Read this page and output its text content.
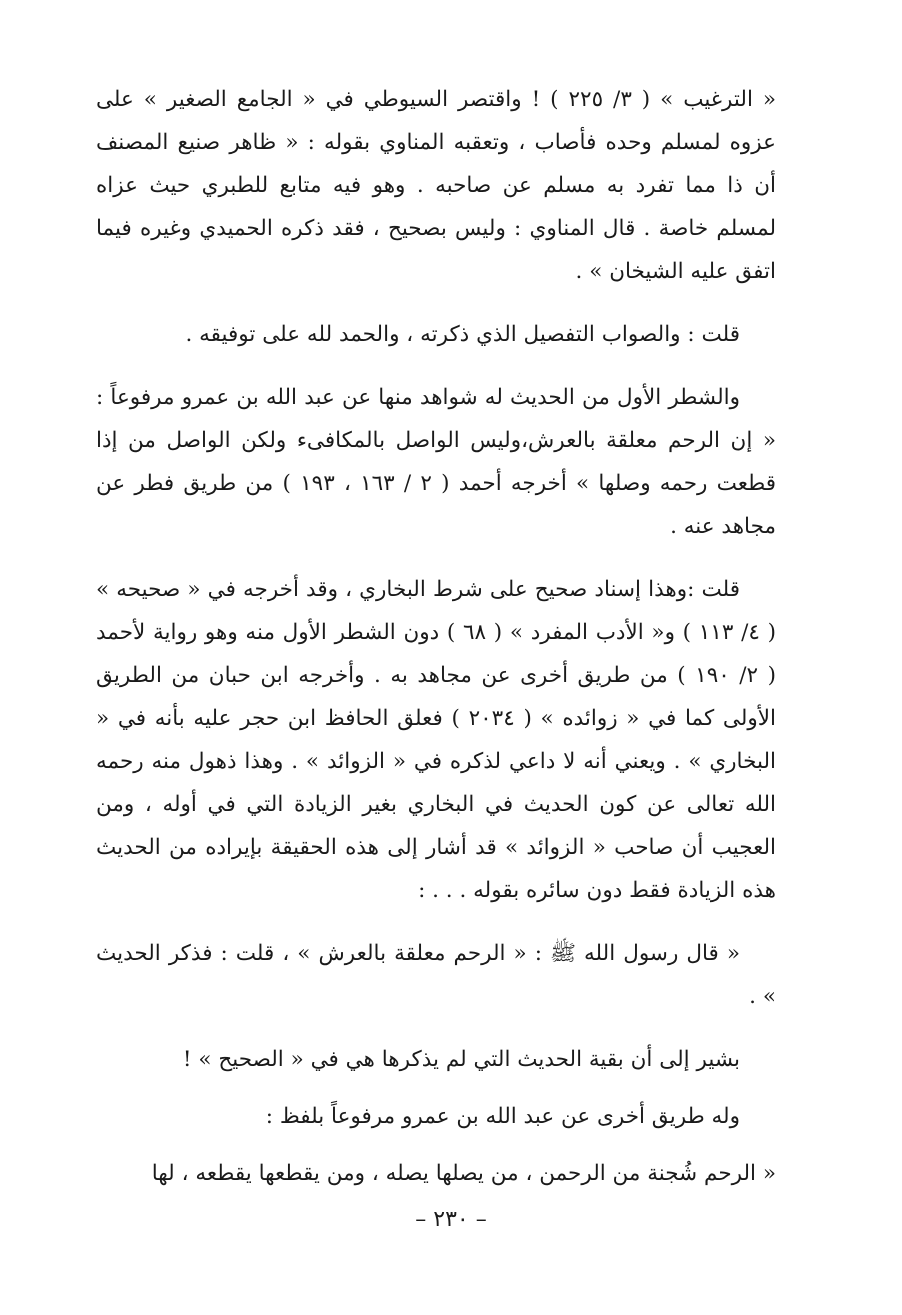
« الترغيب » ( ٣/ ٢٢٥ ) ! واقتصر السيوطي في « الجامع الصغير » على عزوه لمسلم وحده فأصاب ، وتعقبه المناوي بقوله : « ظاهر صنيع المصنف أن ذا مما تفرد به مسلم عن صاحبه . وهو فيه متابع للطبري حيث عزاه لمسلم خاصة . قال المناوي : وليس بصحيح ، فقد ذكره الحميدي وغيره فيما اتفق عليه الشيخان » .

قلت : والصواب التفصيل الذي ذكرته ، والحمد لله على توفيقه .

والشطر الأول من الحديث له شواهد منها عن عبد الله بن عمرو مرفوعاً : « إن الرحم معلقة بالعرش،وليس الواصل بالمكافىء ولكن الواصل من إذا قطعت رحمه وصلها » أخرجه أحمد ( ٢ / ١٦٣ ، ١٩٣ ) من طريق فطر عن مجاهد عنه .

قلت :وهذا إسناد صحيح على شرط البخاري ، وقد أخرجه في « صحيحه » ( ٤/ ١١٣ ) و« الأدب المفرد » ( ٦٨ ) دون الشطر الأول منه وهو رواية لأحمد ( ٢/ ١٩٠ ) من طريق أخرى عن مجاهد به . وأخرجه ابن حبان من الطريق الأولى كما في « زوائده » ( ٢٠٣٤ ) فعلق الحافظ ابن حجر عليه بأنه في « البخاري » . ويعني أنه لا داعي لذكره في « الزوائد » . وهذا ذهول منه رحمه الله تعالى عن كون الحديث في البخاري بغير الزيادة التي في أوله ، ومن العجيب أن صاحب « الزوائد » قد أشار إلى هذه الحقيقة بإيراده من الحديث هذه الزيادة فقط دون سائره بقوله . . . :

« قال رسول الله ﷺ : « الرحم معلقة بالعرش » ، قلت : فذكر الحديث » .

بشير إلى أن بقية الحديث التي لم يذكرها هي في « الصحيح » !

وله طريق أخرى عن عبد الله بن عمرو مرفوعاً بلفظ :

« الرحم شُجنة من الرحمن ، من يصلها يصله ، ومن يقطعها يقطعه ، لها

– ٢٣٠ –
